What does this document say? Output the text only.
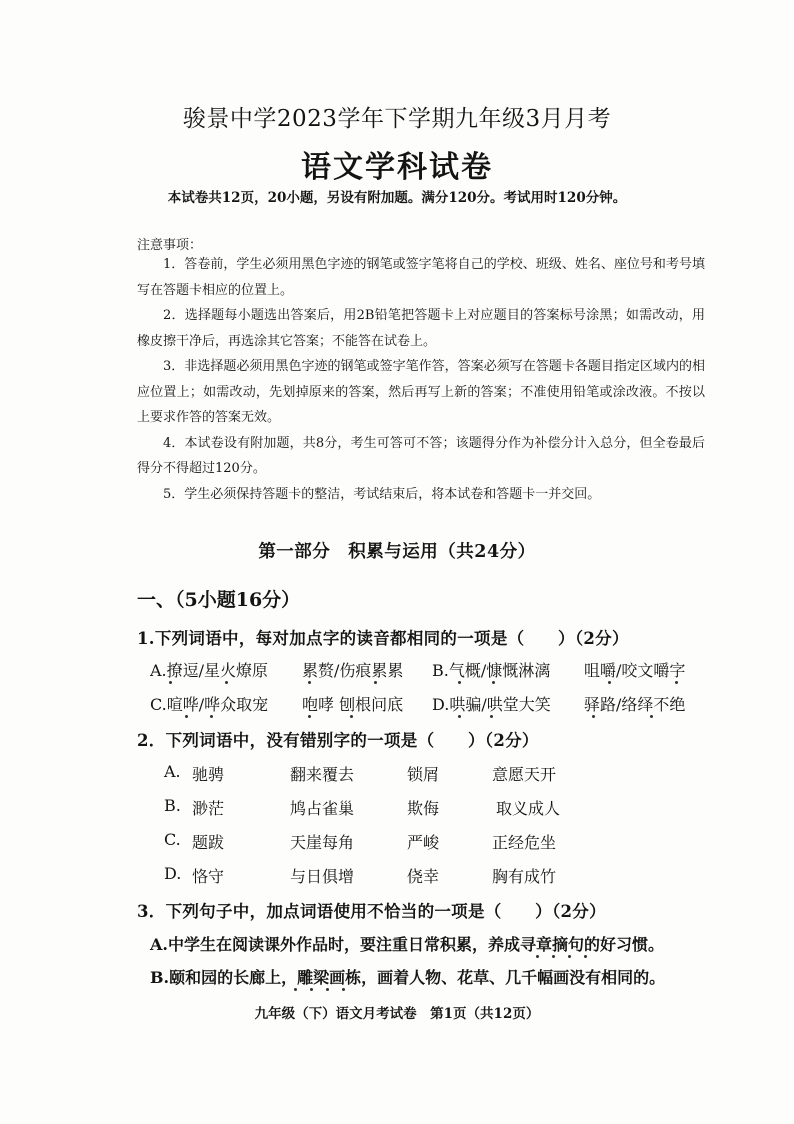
骏景中学2023学年下学期九年级3月月考
语文学科试卷
本试卷共12页，20小题，另设有附加题。满分120分。考试用时120分钟。
注意事项：

1．答卷前，学生必须用黑色字迹的钢笔或签字笔将自己的学校、班级、姓名、座位号和考号填写在答题卡相应的位置上。

2．选择题每小题选出答案后，用2B铅笔把答题卡上对应题目的答案标号涂黑；如需改动，用橡皮擦干净后，再选涂其它答案；不能答在试卷上。

3．非选择题必须用黑色字迹的钢笔或签字笔作答，答案必须写在答题卡各题目指定区域内的相应位置上；如需改动，先划掉原来的答案，然后再写上新的答案；不准使用铅笔或涂改液。不按以上要求作答的答案无效。

4．本试卷设有附加题，共8分，考生可答可不答；该题得分作为补偿分计入总分，但全卷最后得分不得超过120分。

5．学生必须保持答题卡的整洁，考试结束后，将本试卷和答题卡一并交回。

第一部分　积累与运用（共24分）
一、（5小题16分）
1.下列词语中，每对加点字的读音都相同的一项是（　　）（2分）
A.撩逗/星火燎原 累赘/伤痕累累 B.气概/慷慨淋漓 咀嚼/咬文嚼字
C.喧哗/哗众取宠 咆哮 刨根问底 D.哄骗/哄堂大笑 驿路/络绎不绝
2．下列词语中，没有错别字的一项是（　　）（2分）
A. 驰骋	翻来覆去	锁屑	意愿天开
B. 渺茫	鸠占雀巢	欺侮	取义成人
C. 题跋	天崖每角	严峻	正经危坐
D. 恪守	与日俱增	侥幸	胸有成竹
3．下列句子中，加点词语使用不恰当的一项是（　　）（2分）
A.中学生在阅读课外作品时，要注重日常积累，养成寻章摘句的好习惯。
B.颐和园的长廊上，雕梁画栋，画着人物、花草、几千幅画没有相同的。
九年级（下）语文月考试卷　第1页（共12页）
